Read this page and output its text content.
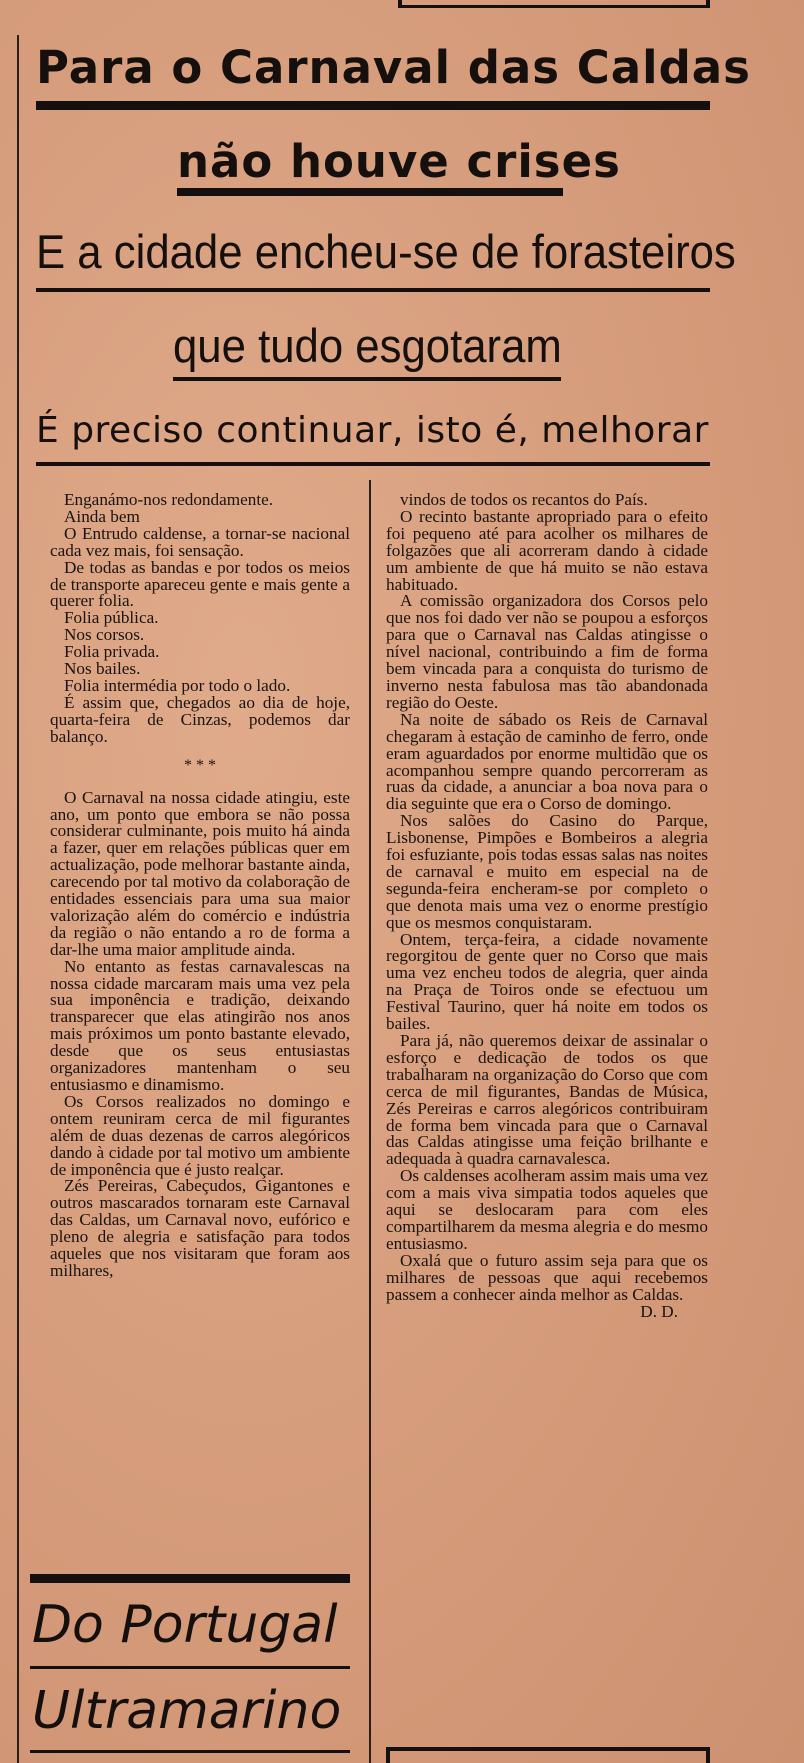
Para o Carnaval das Caldas
não houve crises
E a cidade encheu-se de forasteiros
que tudo esgotaram
É preciso continuar, isto é, melhorar

Enganámo-nos redondamente.

Ainda bem

O Entrudo caldense, a tornar-se nacional cada vez mais, foi sensação.

De todas as bandas e por todos os meios de transporte apareceu gente e mais gente a querer folia.

Folia pública.

Nos corsos.

Folia privada.

Nos bailes.

Folia intermédia por todo o lado.

É assim que, chegados ao dia de hoje, quarta-feira de Cinzas, podemos dar balanço.

* * *

O Carnaval na nossa cidade atingiu, este ano, um ponto que embora se não possa considerar culminante, pois muito há ainda a fazer, quer em relações públicas quer em actualização, pode melhorar bastante ainda, carecendo por tal motivo da colaboração de entidades essenciais para uma sua maior valorização além do comércio e indústria da região o não entando a ro de forma a dar-lhe uma maior amplitude ainda.

No entanto as festas carnavalescas na nossa cidade marcaram mais uma vez pela sua imponência e tradição, deixando transparecer que elas atingirão nos anos mais próximos um ponto bastante elevado, desde que os seus entusiastas organizadores mantenham o seu entusiasmo e dinamismo.

Os Corsos realizados no domingo e ontem reuniram cerca de mil figurantes além de duas dezenas de carros alegóricos dando à cidade por tal motivo um ambiente de imponência que é justo realçar.

Zés Pereiras, Cabeçudos, Gigantones e outros mascarados tornaram este Carnaval das Caldas, um Carnaval novo, eufórico e pleno de alegria e satisfação para todos aqueles que nos visitaram que foram aos milhares,

vindos de todos os recantos do País.

O recinto bastante apropriado para o efeito foi pequeno até para acolher os milhares de folgazões que ali acorreram dando à cidade um ambiente de que há muito se não estava habituado.

A comissão organizadora dos Corsos pelo que nos foi dado ver não se poupou a esforços para que o Carnaval nas Caldas atingisse o nível nacional, contribuindo a fim de forma bem vincada para a conquista do turismo de inverno nesta fabulosa mas tão abandonada região do Oeste.

Na noite de sábado os Reis de Carnaval chegaram à estação de caminho de ferro, onde eram aguardados por enorme multidão que os acompanhou sempre quando percorreram as ruas da cidade, a anunciar a boa nova para o dia seguinte que era o Corso de domingo.

Nos salões do Casino do Parque, Lisbonense, Pimpões e Bombeiros a alegria foi esfuziante, pois todas essas salas nas noites de carnaval e muito em especial na de segunda-feira encheram-se por completo o que denota mais uma vez o enorme prestígio que os mesmos conquistaram.

Ontem, terça-feira, a cidade novamente regorgitou de gente quer no Corso que mais uma vez encheu todos de alegria, quer ainda na Praça de Toiros onde se efectuou um Festival Taurino, quer há noite em todos os bailes.

Para já, não queremos deixar de assinalar o esforço e dedicação de todos os que trabalharam na organização do Corso que com cerca de mil figurantes, Bandas de Música, Zés Pereiras e carros alegóricos contribuiram de forma bem vincada para que o Carnaval das Caldas atingisse uma feição brilhante e adequada à quadra carnavalesca.

Os caldenses acolheram assim mais uma vez com a mais viva simpatia todos aqueles que aqui se deslocaram para com eles compartilharem da mesma alegria e do mesmo entusiasmo.

Oxalá que o futuro assim seja para que os milhares de pessoas que aqui recebemos passem a conhecer ainda melhor as Caldas.

D. D.
Do Portugal
Ultramarino
